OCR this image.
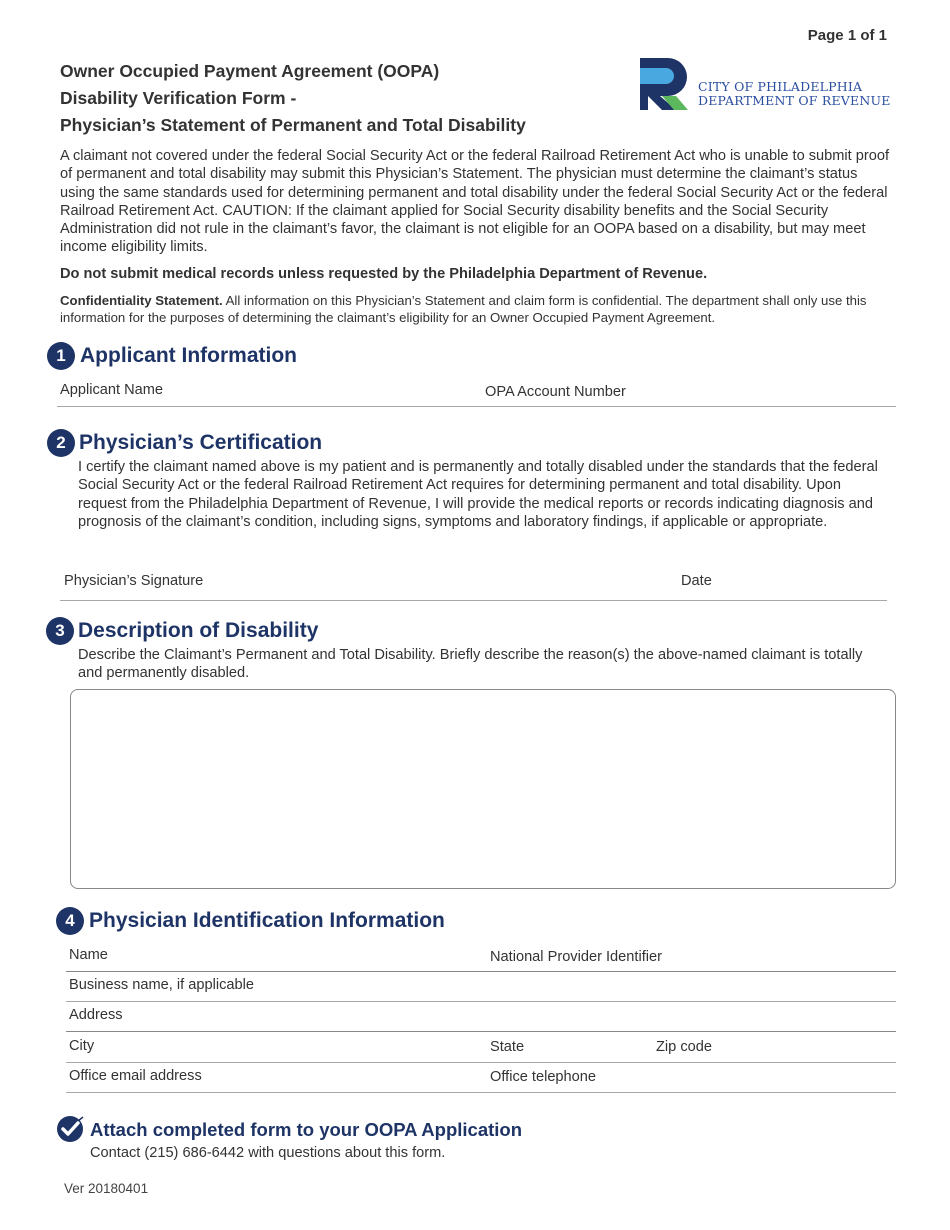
Page 1 of 1
Owner Occupied Payment Agreement (OOPA)
Disability Verification Form -
Physician’s Statement of Permanent and Total Disability
CITY OF PHILADELPHIA
DEPARTMENT OF REVENUE
A claimant not covered under the federal Social Security Act or the federal Railroad Retirement Act who is unable to submit proof of permanent and total disability may submit this Physician’s Statement. The physician must determine the claimant’s status using the same standards used for determining permanent and total disability under the federal Social Security Act or the federal Railroad Retirement Act. CAUTION: If the claimant applied for Social Security disability benefits and the Social Security Administration did not rule in the claimant’s favor, the claimant is not eligible for an OOPA based on a disability, but may meet income eligibility limits.
Do not submit medical records unless requested by the Philadelphia Department of Revenue.
Confidentiality Statement. All information on this Physician’s Statement and claim form is confidential. The department shall only use this information for the purposes of determining the claimant’s eligibility for an Owner Occupied Payment Agreement.
1 Applicant Information
Applicant Name	OPA Account Number
2 Physician’s Certification
I certify the claimant named above is my patient and is permanently and totally disabled under the standards that the federal Social Security Act or the federal Railroad Retirement Act requires for determining permanent and total disability. Upon request from the Philadelphia Department of Revenue, I will provide the medical reports or records indicating diagnosis and prognosis of the claimant’s condition, including signs, symptoms and laboratory findings, if applicable or appropriate.
Physician’s Signature	Date
3 Description of Disability
Describe the Claimant’s Permanent and Total Disability. Briefly describe the reason(s) the above-named claimant is totally and permanently disabled.
4 Physician Identification Information
Name	National Provider Identifier
Business name, if applicable
Address
City	State	Zip code
Office email address	Office telephone
Attach completed form to your OOPA Application
Contact (215) 686-6442 with questions about this form.
Ver 20180401
